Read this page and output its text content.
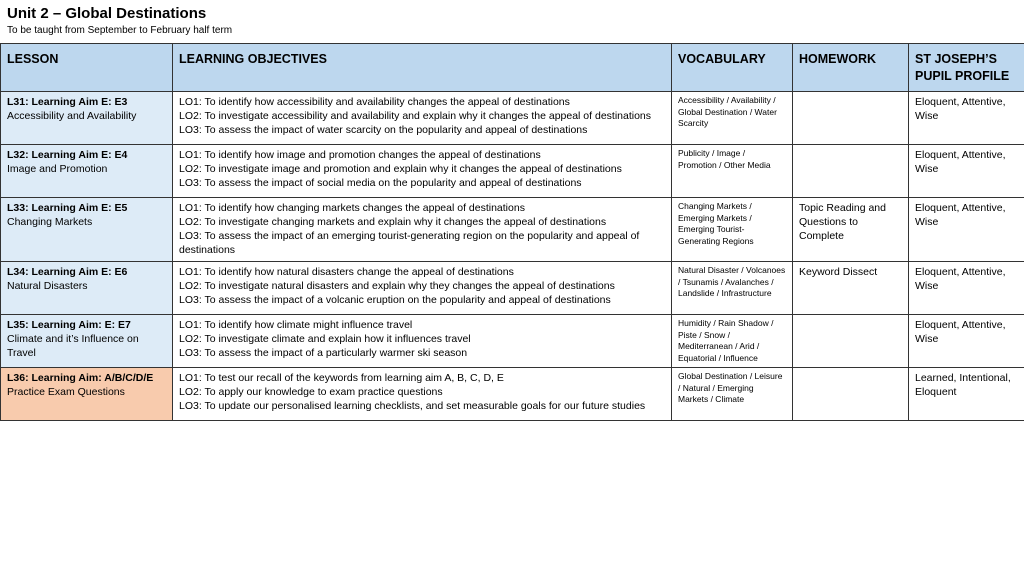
Unit 2 – Global Destinations
To be taught from September to February half term
LESSON	LEARNING OBJECTIVES	VOCABULARY	HOMEWORK	ST JOSEPH’S PUPIL PROFILE

L31: Learning Aim E: E3
Accessibility and Availability	LO1: To identify how accessibility and availability changes the appeal of destinations
LO2: To investigate accessibility and availability and explain why it changes the appeal of destinations
LO3: To assess the impact of water scarcity on the popularity and appeal of destinations	Accessibility / Availability / Global Destination / Water Scarcity		Eloquent, Attentive, Wise

L32: Learning Aim E: E4
Image and Promotion	LO1: To identify how image and promotion changes the appeal of destinations
LO2: To investigate image and promotion and explain why it changes the appeal of destinations
LO3: To assess the impact of social media on the popularity and appeal of destinations	Publicity / Image / Promotion / Other Media		Eloquent, Attentive, Wise

L33: Learning Aim E: E5
Changing Markets	LO1: To identify how changing markets changes the appeal of destinations
LO2: To investigate changing markets and explain why it changes the appeal of destinations
LO3: To assess the impact of an emerging tourist-generating region on the popularity and appeal of destinations	Changing Markets / Emerging Markets / Emerging Tourist-Generating Regions	Topic Reading and Questions to Complete	Eloquent, Attentive, Wise

L34: Learning Aim E: E6
Natural Disasters	LO1: To identify how natural disasters change the appeal of destinations
LO2: To investigate natural disasters and explain why they changes the appeal of destinations
LO3: To assess the impact of a volcanic eruption on the popularity and appeal of destinations	Natural Disaster / Volcanoes / Tsunamis / Avalanches / Landslide / Infrastructure	Keyword Dissect	Eloquent, Attentive, Wise

L35: Learning Aim: E: E7
Climate and it’s Influence on Travel	LO1: To identify how climate might influence travel
LO2: To investigate climate and explain how it influences travel
LO3: To assess the impact of a particularly warmer ski season	Humidity / Rain Shadow / Piste / Snow / Mediterranean / Arid / Equatorial / Influence		Eloquent, Attentive, Wise

L36: Learning Aim: A/B/C/D/E
Practice Exam Questions	LO1: To test our recall of the keywords from learning aim A, B, C, D, E
LO2: To apply our knowledge to exam practice questions
LO3: To update our personalised learning checklists, and set measurable goals for our future studies	Global Destination / Leisure / Natural / Emerging Markets / Climate		Learned, Intentional, Eloquent
